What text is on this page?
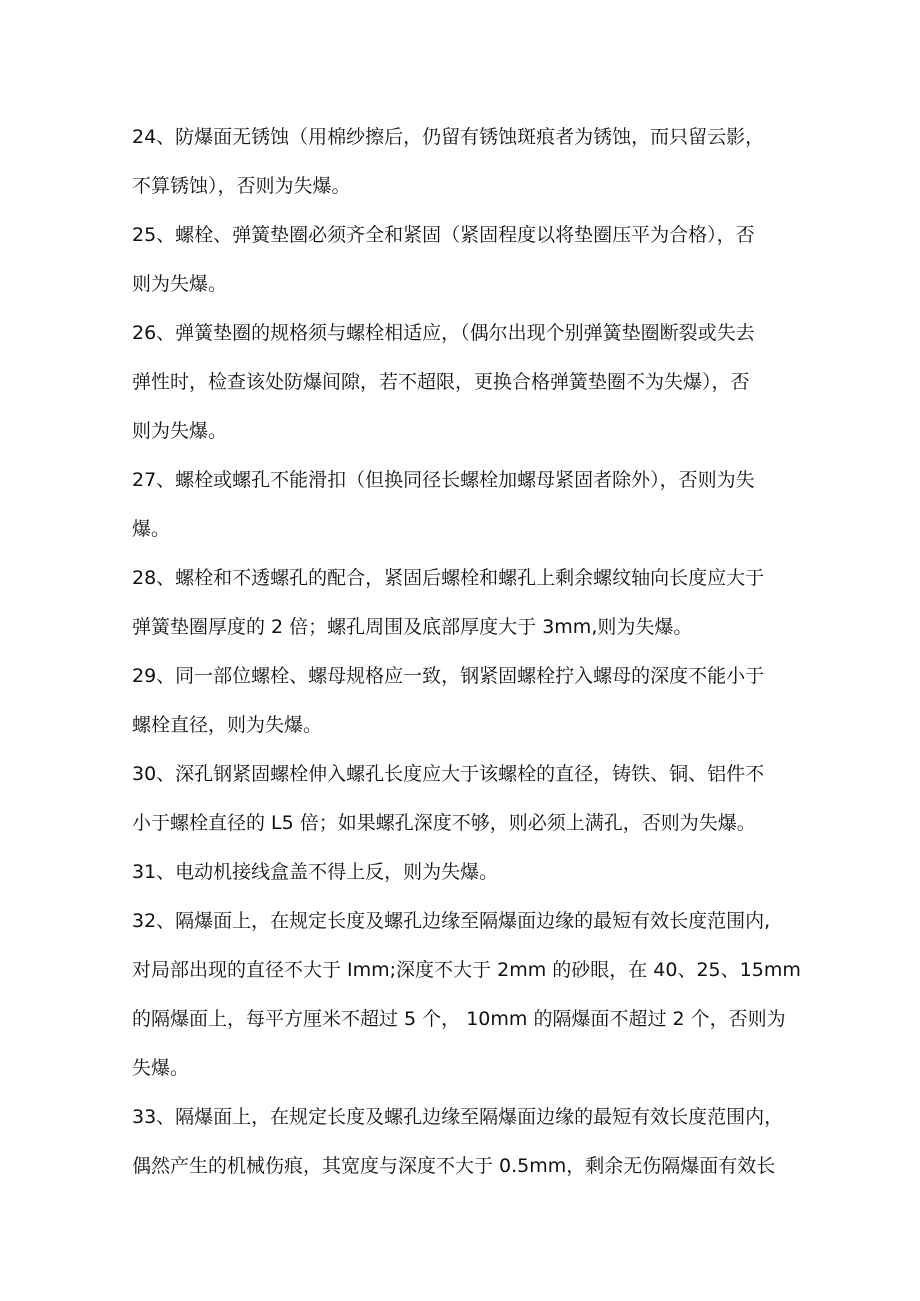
24、防爆面无锈蚀（用棉纱擦后，仍留有锈蚀斑痕者为锈蚀，而只留云影，
不算锈蚀），否则为失爆。
25、螺栓、弹簧垫圈必须齐全和紧固（紧固程度以将垫圈压平为合格），否
则为失爆。
26、弹簧垫圈的规格须与螺栓相适应，（偶尔出现个别弹簧垫圈断裂或失去
弹性时，检查该处防爆间隙，若不超限，更换合格弹簧垫圈不为失爆），否
则为失爆。
27、螺栓或螺孔不能滑扣（但换同径长螺栓加螺母紧固者除外），否则为失
爆。
28、螺栓和不透螺孔的配合，紧固后螺栓和螺孔上剩余螺纹轴向长度应大于
弹簧垫圈厚度的 2 倍；螺孔周围及底部厚度大于 3mm,则为失爆。
29、同一部位螺栓、螺母规格应一致，钢紧固螺栓拧入螺母的深度不能小于
螺栓直径，则为失爆。
30、深孔钢紧固螺栓伸入螺孔长度应大于该螺栓的直径，铸铁、铜、铝件不
小于螺栓直径的 L5 倍；如果螺孔深度不够，则必须上满孔，否则为失爆。
31、电动机接线盒盖不得上反，则为失爆。
32、隔爆面上，在规定长度及螺孔边缘至隔爆面边缘的最短有效长度范围内,
对局部出现的直径不大于 Imm;深度不大于 2mm 的砂眼，在 40、25、15mm
的隔爆面上，每平方厘米不超过 5 个， 10mm 的隔爆面不超过 2 个，否则为
失爆。
33、隔爆面上，在规定长度及螺孔边缘至隔爆面边缘的最短有效长度范围内，
偶然产生的机械伤痕，其宽度与深度不大于 0.5mm，剩余无伤隔爆面有效长
